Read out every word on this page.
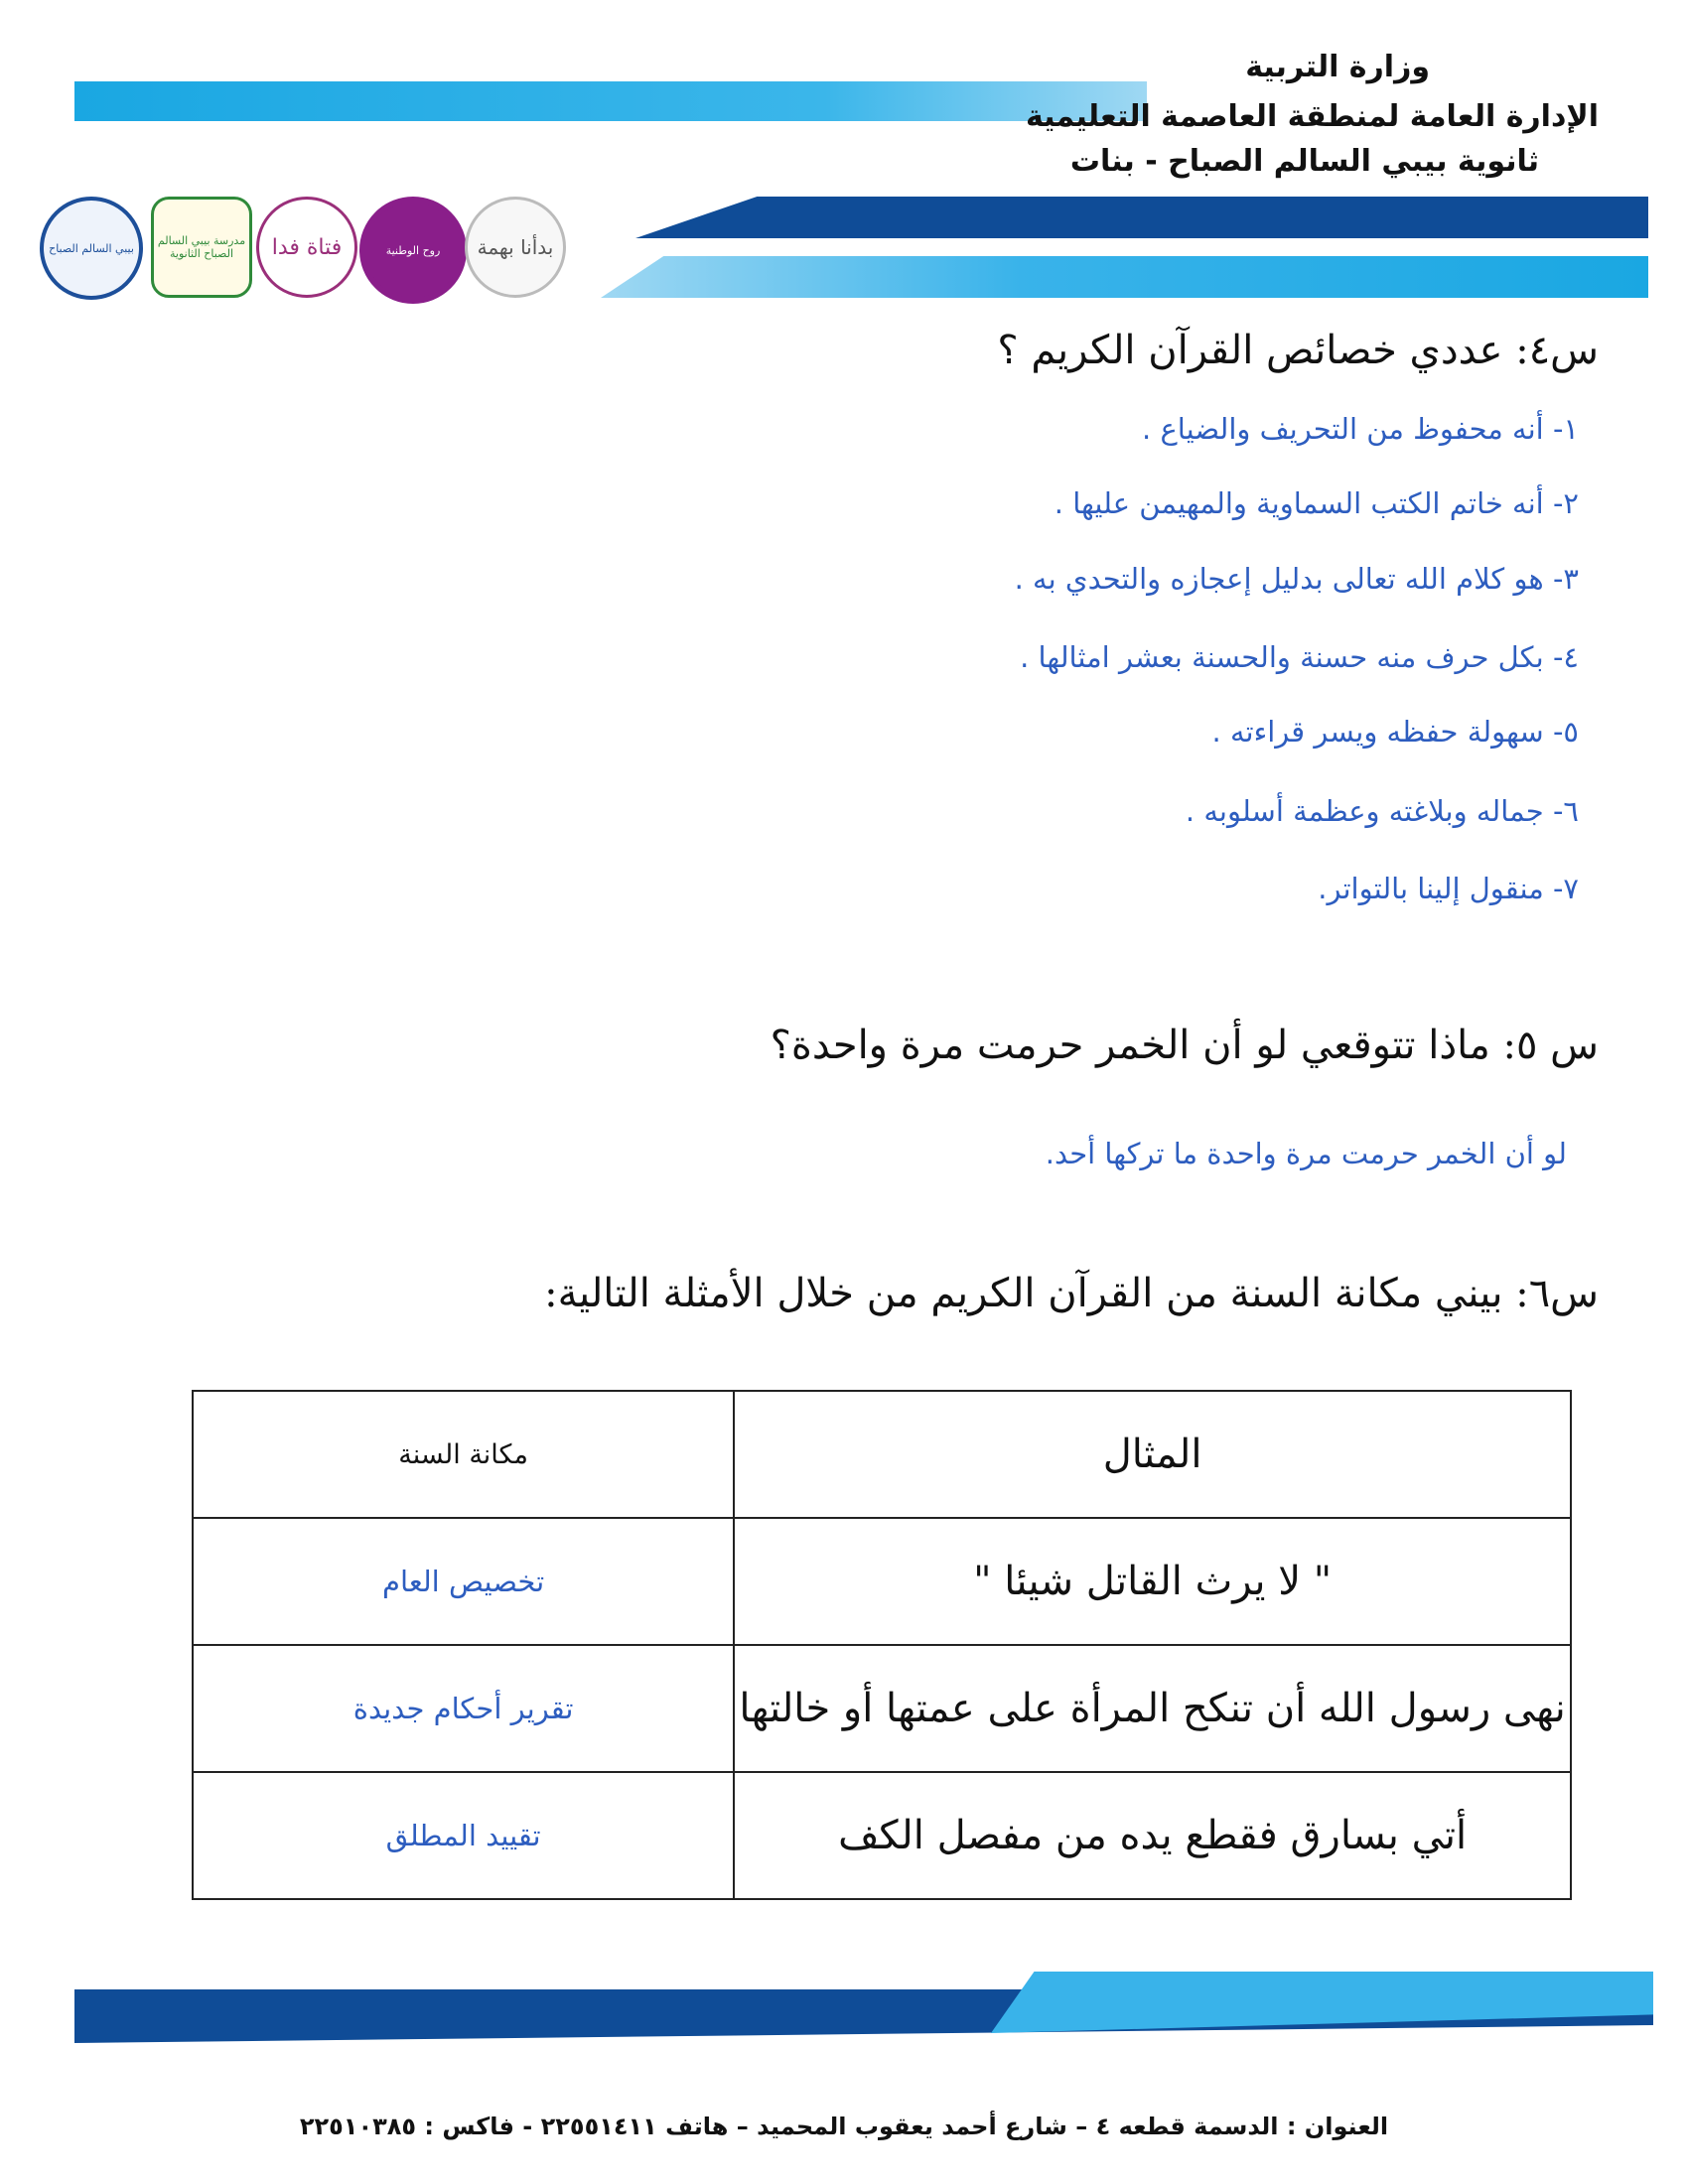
وزارة التربية
الإدارة العامة لمنطقة العاصمة التعليمية
ثانوية بيبي السالم الصباح - بنات
بيبي السالم الصباح
مدرسة بيبي السالم الصباح الثانوية	فتاة فدا	روح الوطنية بدأنا بهمة
س٤: عددي خصائص القرآن الكريم ؟
١- أنه محفوظ من التحريف والضياع .
٢- أنه خاتم الكتب السماوية والمهيمن عليها .
٣- هو كلام الله تعالى بدليل إعجازه والتحدي به .
٤- بكل حرف منه حسنة والحسنة بعشر امثالها .
٥- سهولة حفظه ويسر قراءته .
٦- جماله وبلاغته وعظمة أسلوبه .
٧- منقول إلينا بالتواتر.
س ٥: ماذا تتوقعي لو أن الخمر حرمت مرة واحدة؟
لو أن الخمر حرمت مرة واحدة ما تركها أحد.
س٦: بيني مكانة السنة من القرآن الكريم من خلال الأمثلة التالية:
المثال	مكانة السنة
" لا يرث القاتل شيئا "	تخصيص العام
نهى رسول الله أن تنكح المرأة على عمتها أو خالتها	تقرير أحكام جديدة
أتي بسارق فقطع يده من مفصل الكف	تقييد المطلق
العنوان : الدسمة قطعه ٤ – شارع أحمد يعقوب المحميد – هاتف ٢٢٥٥١٤١١ - فاكس : ٢٢٥١٠٣٨٥
